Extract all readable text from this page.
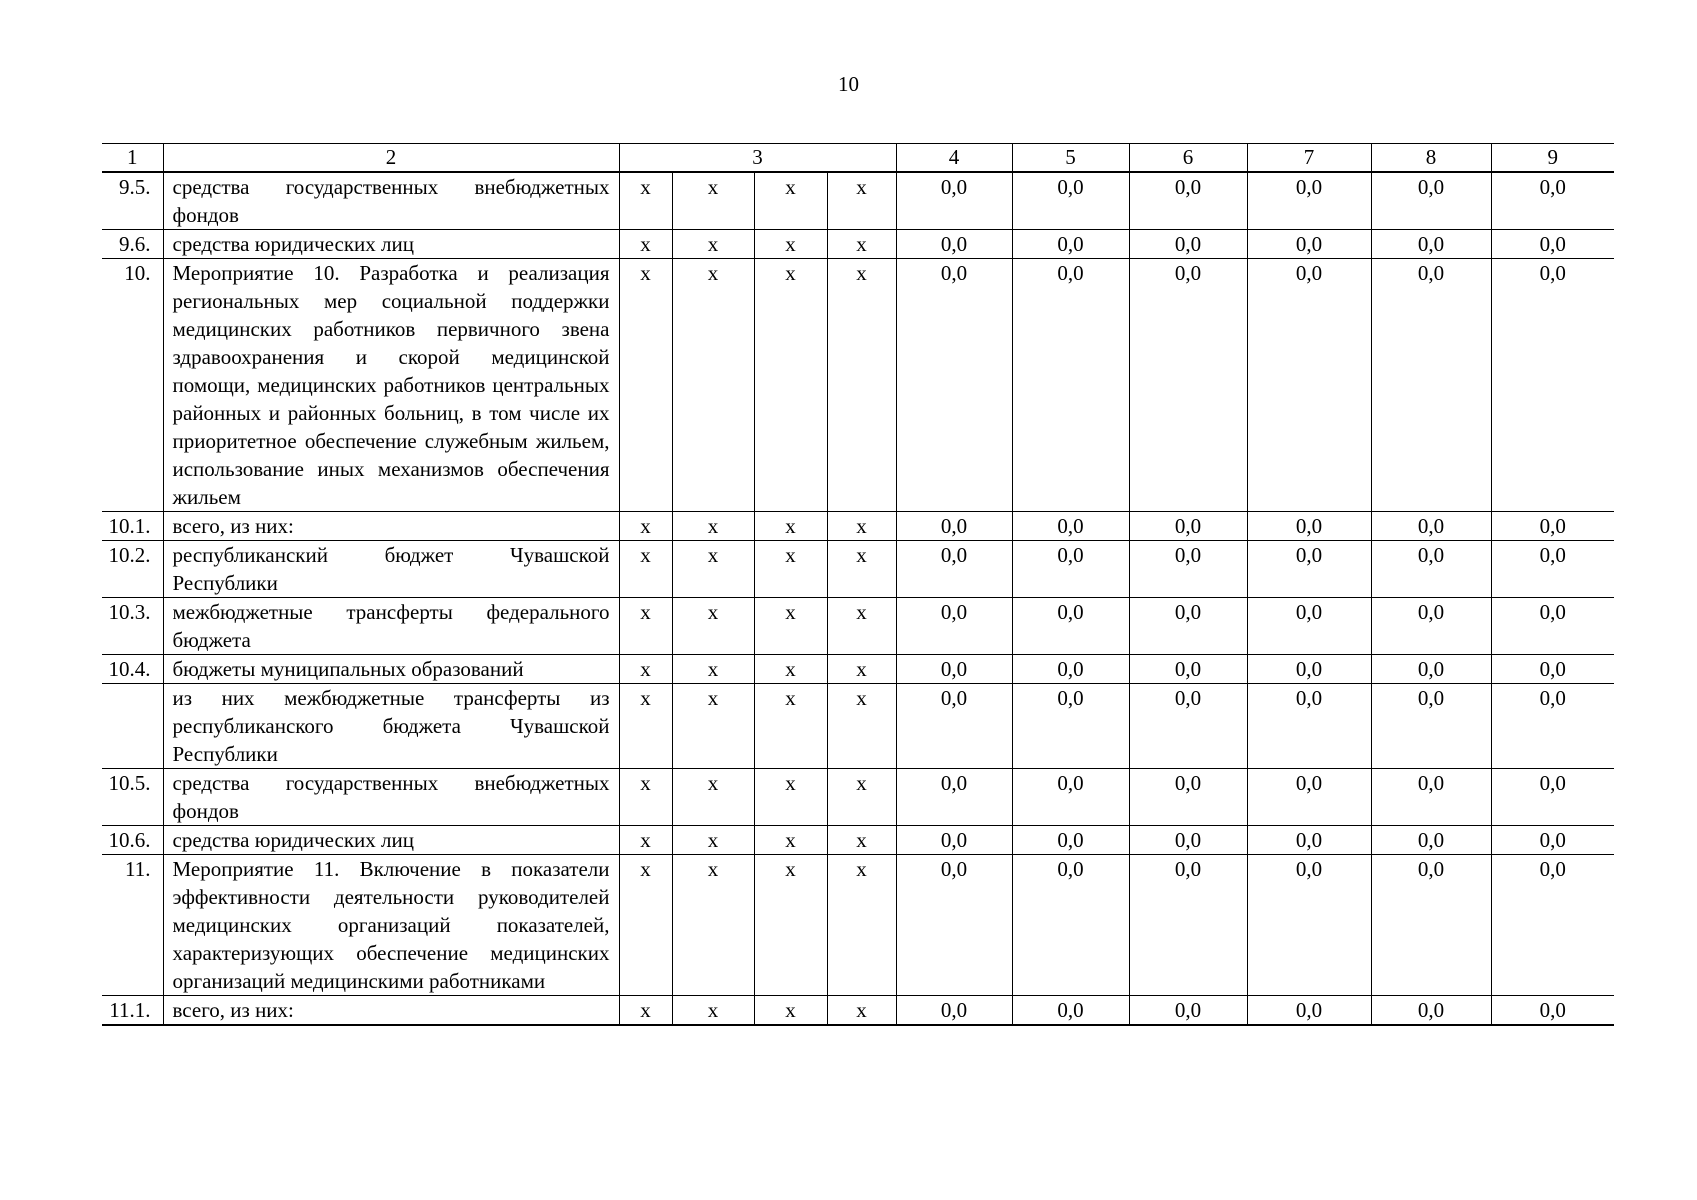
10
1	2	3				4	5	6	7	8	9
9.5.	средства государственных внебюджетных фондов	х	х	х	х	0,0	0,0	0,0	0,0	0,0	0,0
9.6.	средства юридических лиц	х	х	х	х	0,0	0,0	0,0	0,0	0,0	0,0
10.	Мероприятие 10. Разработка и реализация региональных мер социальной поддержки медицинских работников первичного звена здравоохранения и скорой медицинской помощи, медицинских работников центральных районных и районных больниц, в том числе их приоритетное обеспечение служебным жильем, использование иных механизмов обеспечения жильем	х	х	х	х	0,0	0,0	0,0	0,0	0,0	0,0
10.1.	всего, из них:	х	х	х	х	0,0	0,0	0,0	0,0	0,0	0,0
10.2.	республиканский бюджет Чувашской Республики	х	х	х	х	0,0	0,0	0,0	0,0	0,0	0,0
10.3.	межбюджетные трансферты федерального бюджета	х	х	х	х	0,0	0,0	0,0	0,0	0,0	0,0
10.4.	бюджеты муниципальных образований	х	х	х	х	0,0	0,0	0,0	0,0	0,0	0,0
	из них межбюджетные трансферты из республиканского бюджета Чувашской Республики	х	х	х	х	0,0	0,0	0,0	0,0	0,0	0,0
10.5.	средства государственных внебюджетных фондов	х	х	х	х	0,0	0,0	0,0	0,0	0,0	0,0
10.6.	средства юридических лиц	х	х	х	х	0,0	0,0	0,0	0,0	0,0	0,0
11.	Мероприятие 11. Включение в показатели эффективности деятельности руководителей медицинских организаций показателей, характеризующих обеспечение медицинских организаций медицинскими работниками	х	х	х	х	0,0	0,0	0,0	0,0	0,0	0,0
11.1.	всего, из них:	х	х	х	х	0,0	0,0	0,0	0,0	0,0	0,0
